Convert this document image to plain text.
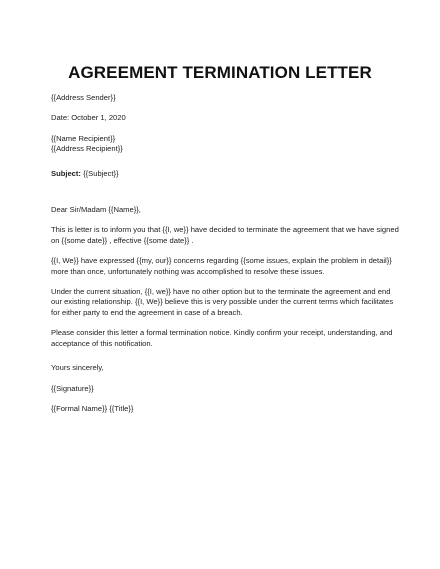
AGREEMENT TERMINATION LETTER
{{Address Sender}}
Date: October 1, 2020
{{Name Recipient}}
{{Address Recipient}}
Subject: {{Subject}}
Dear Sir/Madam {{Name}},
This is letter is to inform you that {{I, we}} have decided to terminate the agreement that we have signed
on {{some date}} , effective {{some date}} .
{{I, We}} have expressed {{my, our}} concerns regarding {{some issues, explain the problem in detail}}
more than once, unfortunately nothing was accomplished to resolve these issues.
Under the current situation, {{I, we}} have no other option but to the terminate the agreement and end
our existing relationship. {{I, We}} believe this is very possible under the current terms which facilitates
for either party to end the agreement in case of a breach.
Please consider this letter a formal termination notice. Kindly confirm your receipt, understanding, and
acceptance of this notification.
Yours sincerely,
{{Signature}}
{{Formal Name}} {{Title}}
